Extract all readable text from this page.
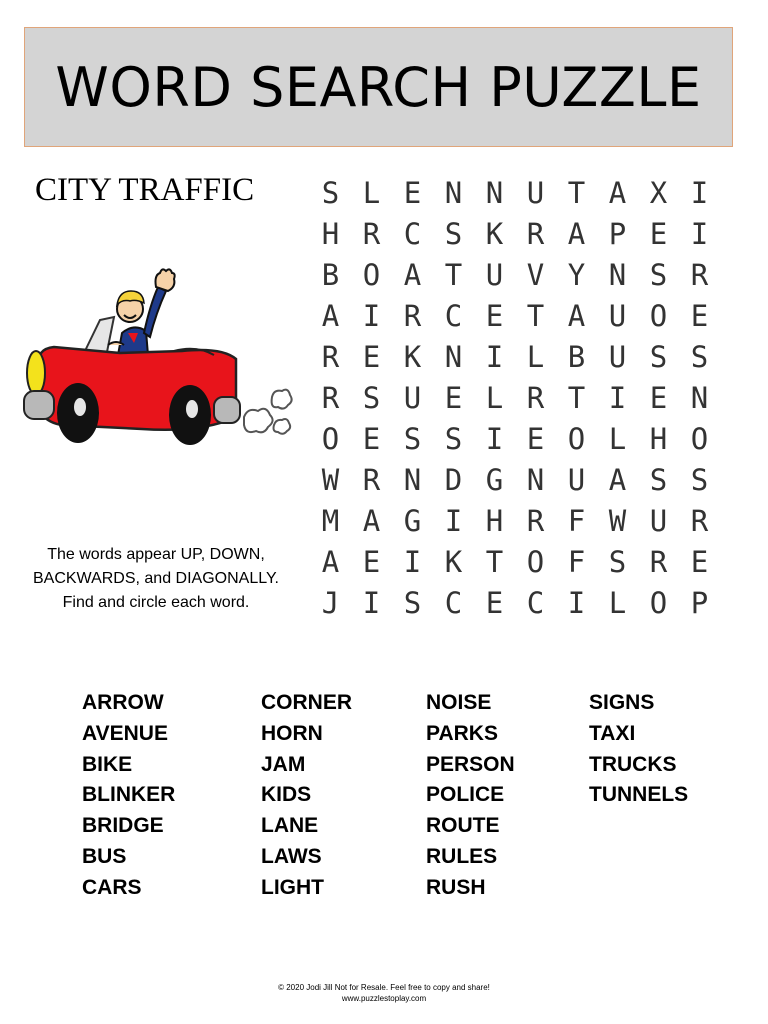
WORD SEARCH PUZZLE
CITY TRAFFIC
The words appear UP, DOWN,
BACKWARDS, and DIAGONALLY.
Find and circle each word.
S L E N N U T A X I
H R C S K R A P E I
B O A T U V Y N S R
A I R C E T A U O E
R E K N I L B U S S
R S U E L R T I E N
O E S S I E O L H O
W R N D G N U A S S
M A G I H R F W U R
A E I K T O F S R E
J I S C E C I L O P
ARROW
AVENUE
BIKE
BLINKER
BRIDGE
BUS
CARS
CORNER
HORN
JAM
KIDS
LANE
LAWS
LIGHT
NOISE
PARKS
PERSON
POLICE
ROUTE
RULES
RUSH
SIGNS
TAXI
TRUCKS
TUNNELS
© 2020 Jodi Jill Not for Resale. Feel free to copy and share!
www.puzzlestoplay.com
